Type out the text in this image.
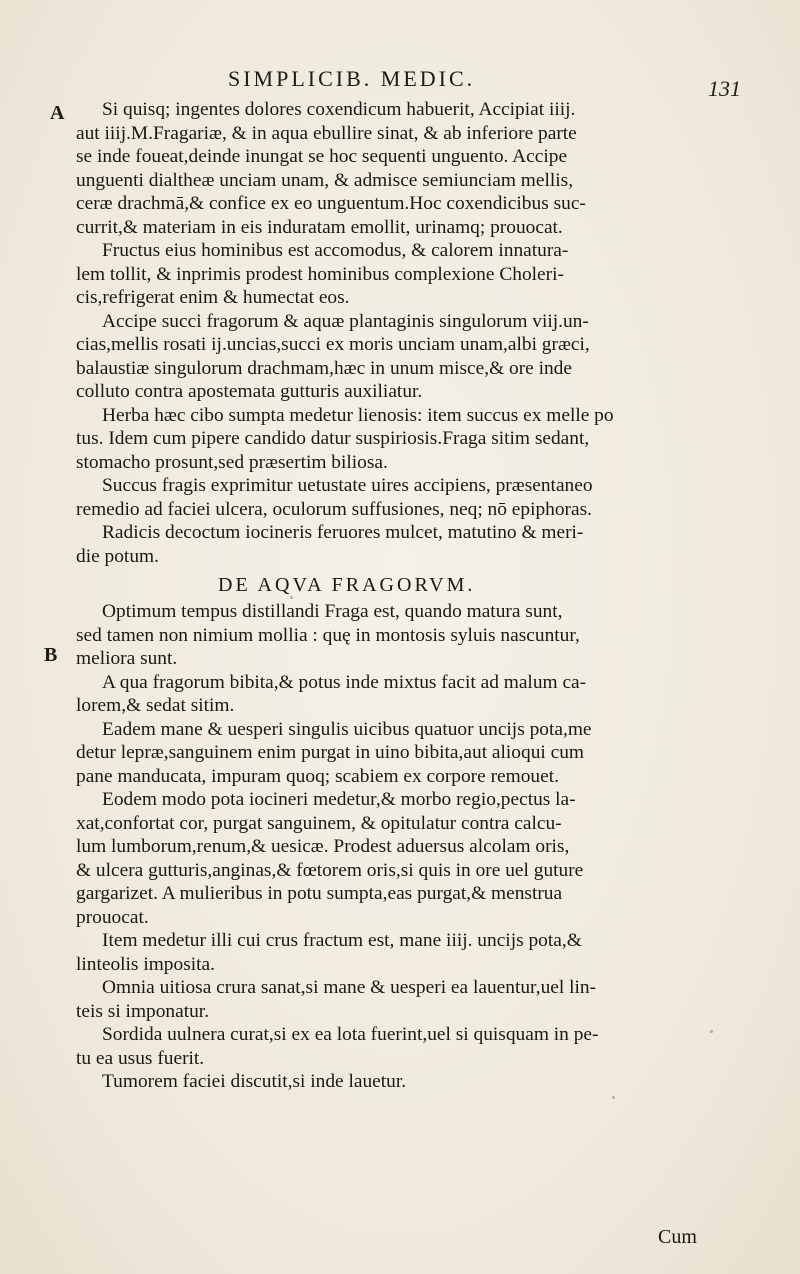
SIMPLICIB. MEDIC.	131
A
B

Si quisq; ingentes dolores coxendicum habuerit, Accipiat iiij.
aut iiij.M.Fragariæ, & in aqua ebullire sinat, & ab inferiore parte
se inde foueat,deinde inungat se hoc sequenti unguento. Accipe
unguenti dialtheæ unciam unam, & admisce semiunciam mellis,
ceræ drachmā,& confice ex eo unguentum.Hoc coxendicibus suc-
currit,& materiam in eis induratam emollit, urinamq; prouocat.

Fructus eius hominibus est accomodus, & calorem innatura-
lem tollit, & inprimis prodest hominibus complexione Choleri-
cis,refrigerat enim & humectat eos.

Accipe succi fragorum & aquæ plantaginis singulorum viij.un-
cias,mellis rosati ij.uncias,succi ex moris unciam unam,albi græci,
balaustiæ singulorum drachmam,hæc in unum misce,& ore inde
colluto contra apostemata gutturis auxiliatur.

Herba hæc cibo sumpta medetur lienosis: item succus ex melle po
tus. Idem cum pipere candido datur suspiriosis.Fraga sitim sedant,
stomacho prosunt,sed præsertim biliosa.

Succus fragis exprimitur uetustate uires accipiens, præsentaneo
remedio ad faciei ulcera, oculorum suffusiones, neq; nō epiphoras.

Radicis decoctum iocineris feruores mulcet, matutino & meri-
die potum.

DE AQVA FRAGORVM.

Optimum tempus distillandi Fraga est, quando matura sunt,
sed tamen non nimium mollia : quę in montosis syluis nascuntur,
meliora sunt.

A qua fragorum bibita,& potus inde mixtus facit ad malum ca-
lorem,& sedat sitim.

Eadem mane & uesperi singulis uicibus quatuor uncijs pota,me
detur lepræ,sanguinem enim purgat in uino bibita,aut alioqui cum
pane manducata, impuram quoq; scabiem ex corpore remouet.

Eodem modo pota iocineri medetur,& morbo regio,pectus la-
xat,confortat cor, purgat sanguinem, & opitulatur contra calcu-
lum lumborum,renum,& uesicæ. Prodest aduersus alcolam oris,
& ulcera gutturis,anginas,& fœtorem oris,si quis in ore uel guture
gargarizet. A mulieribus in potu sumpta,eas purgat,& menstrua
prouocat.

Item medetur illi cui crus fractum est, mane iiij. uncijs pota,&
linteolis imposita.

Omnia uitiosa crura sanat,si mane & uesperi ea lauentur,uel lin-
teis si imponatur.

Sordida uulnera curat,si ex ea lota fuerint,uel si quisquam in pe-
tu ea usus fuerit.

Tumorem faciei discutit,si inde lauetur.

Cum
